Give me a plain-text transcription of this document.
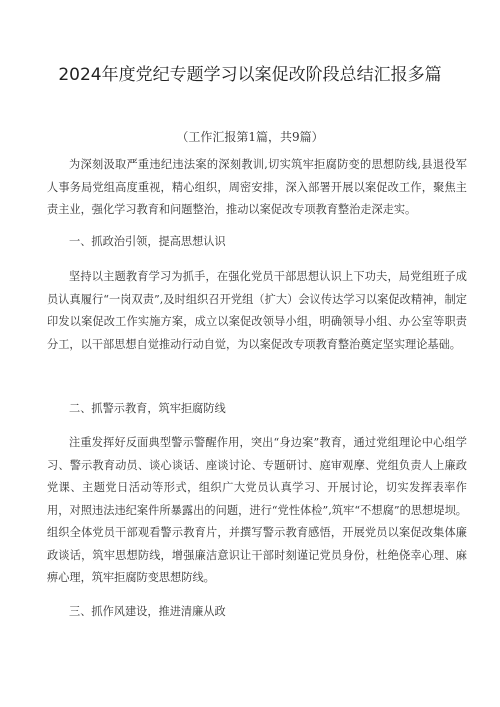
2024年度党纪专题学习以案促改阶段总结汇报多篇
（工作汇报第1篇，共9篇）

为深刻汲取严重违纪违法案的深刻教训,切实筑牢拒腐防变的思想防线,县退役军人事务局党组高度重视，精心组织，周密安排，深入部署开展以案促改工作，聚焦主责主业，强化学习教育和问题整治，推动以案促改专项教育整治走深走实。

一、抓政治引领，提高思想认识

坚持以主题教育学习为抓手，在强化党员干部思想认识上下功夫，局党组班子成员认真履行“一岗双责”,及时组织召开党组（扩大）会议传达学习以案促改精神，制定印发以案促改工作实施方案，成立以案促改领导小组，明确领导小组、办公室等职责分工，以干部思想自觉推动行动自觉，为以案促改专项教育整治奠定坚实理论基础。

二、抓警示教育，筑牢拒腐防线

注重发挥好反面典型警示警醒作用，突出“身边案”教育，通过党组理论中心组学习、警示教育动员、谈心谈话、座谈讨论、专题研讨、庭审观摩、党组负责人上廉政党课、主题党日活动等形式，组织广大党员认真学习、开展讨论，切实发挥表率作用，对照违法违纪案件所暴露出的问题，进行“党性体检”,筑牢“不想腐”的思想堤坝。组织全体党员干部观看警示教育片，并撰写警示教育感悟，开展党员以案促改集体廉政谈话，筑牢思想防线，增强廉洁意识让干部时刻谨记党员身份，杜绝侥幸心理、麻痹心理，筑牢拒腐防变思想防线。

三、抓作风建设，推进清廉从政
